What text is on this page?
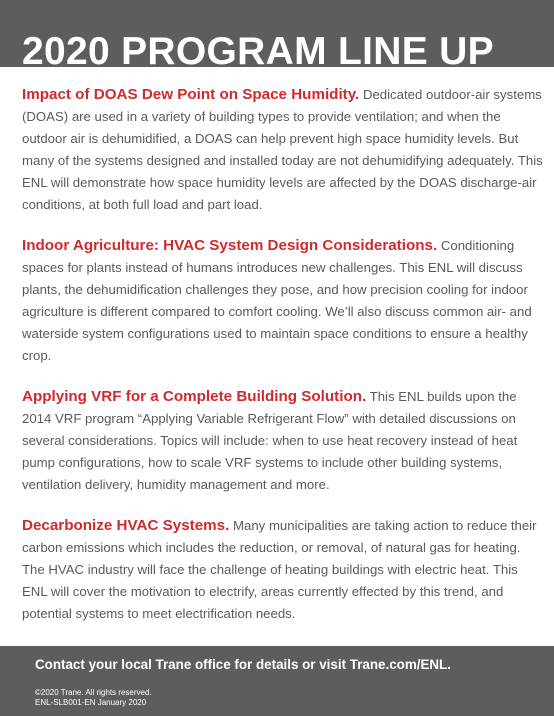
2020 PROGRAM LINE UP

Impact of DOAS Dew Point on Space Humidity. Dedicated outdoor-air systems (DOAS) are used in a variety of building types to provide ventilation; and when the outdoor air is dehumidified, a DOAS can help prevent high space humidity levels. But many of the systems designed and installed today are not dehumidifying adequately. This ENL will demonstrate how space humidity levels are affected by the DOAS discharge-air conditions, at both full load and part load.

Indoor Agriculture: HVAC System Design Considerations. Conditioning spaces for plants instead of humans introduces new challenges. This ENL will discuss plants, the dehumidification challenges they pose, and how precision cooling for indoor agriculture is different compared to comfort cooling. We’ll also discuss common air- and waterside system configurations used to maintain space conditions to ensure a healthy crop.

Applying VRF for a Complete Building Solution. This ENL builds upon the 2014 VRF program “Applying Variable Refrigerant Flow” with detailed discussions on several considerations. Topics will include: when to use heat recovery instead of heat pump configurations, how to scale VRF systems to include other building systems, ventilation delivery, humidity management and more.

Decarbonize HVAC Systems. Many municipalities are taking action to reduce their carbon emissions which includes the reduction, or removal, of natural gas for heating. The HVAC industry will face the challenge of heating buildings with electric heat. This ENL will cover the motivation to electrify, areas currently effected by this trend, and potential systems to meet electrification needs.

Contact your local Trane office for details or visit Trane.com/ENL.
©2020 Trane. All rights reserved.
ENL-SLB001-EN January 2020
